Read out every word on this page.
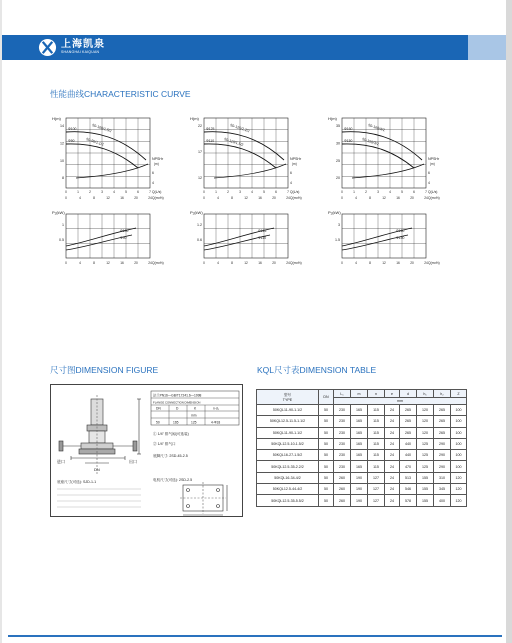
上海凯泉
SHANGHAI KAIQUAN
性能曲线CHARACTERISTIC CURVE
尺寸图DIMENSION FIGURE	KQL尺寸表DIMENSION TABLE
H(m)
14
12
10
8
Φ100
Φ90
50-100/1.5/2
50-90/1.1/2
NPSHr
(m)
6
4
0	1	2	3	4	5	6	7 Q(L/s)
0	4	8	12	16	20	24 Q(m³/h)
P₂(kW)
1
0.5
Φ100
Φ90
0	4	8	12	16	20	24 Q(m³/h)
H(m)
22
17
12
Φ125
Φ110
50-125/2.2/2
50-110/1.5/2
NPSHr
(m)
6
4
0	1	2	3	4	5	6	7 Q(L/s)
0	4	8	12	16	20	24 Q(m³/h)
P₂(kW)
1.2
0.6
Φ125
Φ110
0	4	8	12	16	20	24 Q(m³/h)
H(m)
35
30
25
20
Φ160
Φ150
50-160/4/2
50-150/3/2
NPSHr
(m)
6
4
0	1	2	3	4	5	6	7 Q(L/s)
0	4	8	12	16	20	24 Q(m³/h)
P₂(kW)
3
1.5
Φ160
Φ150
0	4	8	12	16	20	24 Q(m³/h)
进口	出口
DN
法兰PN16—GB/T17241.6—1998
FLANGE CONNECTION DIMENSION
DN	D	K	n-d₁
mm
50	165	125	4-Φ18
① 1/4" 排气阀(可选装)
② 1/4" 排气口
底脚尺寸: 2SD-45-2.5
电机尺寸(可选): 2SD-2.5
底座尺寸(可选): SJD-1-1
型号
TYPE	DN	L₁	m	n	e	d	h₁	h₂	Z
		mm							
50KQL11-90-1.1/2	50	230	165	115	24	265	120	265	100
50KQL12.5-11.5-1.1/2	50	230	165	115	24	265	120	265	100
50KQL11-90-1.1/2	50	230	165	115	24	265	120	265	100
50KQL12.5-10-1.5/2	50	230	165	115	24	440	125	290	100
50KQL16-27-1.5/2	50	230	165	115	24	440	125	290	100
50KQL12.5-35-2.2/2	50	230	165	115	24	470	125	290	100
50KQL16-34-4/2	50	260	190	127	24	513	155	310	120
50KQL12.5-44-4/2	50	260	190	127	24	546	155	345	120
50KQL12.5-35-5.5/2	50	260	190	127	24	578	155	400	120
